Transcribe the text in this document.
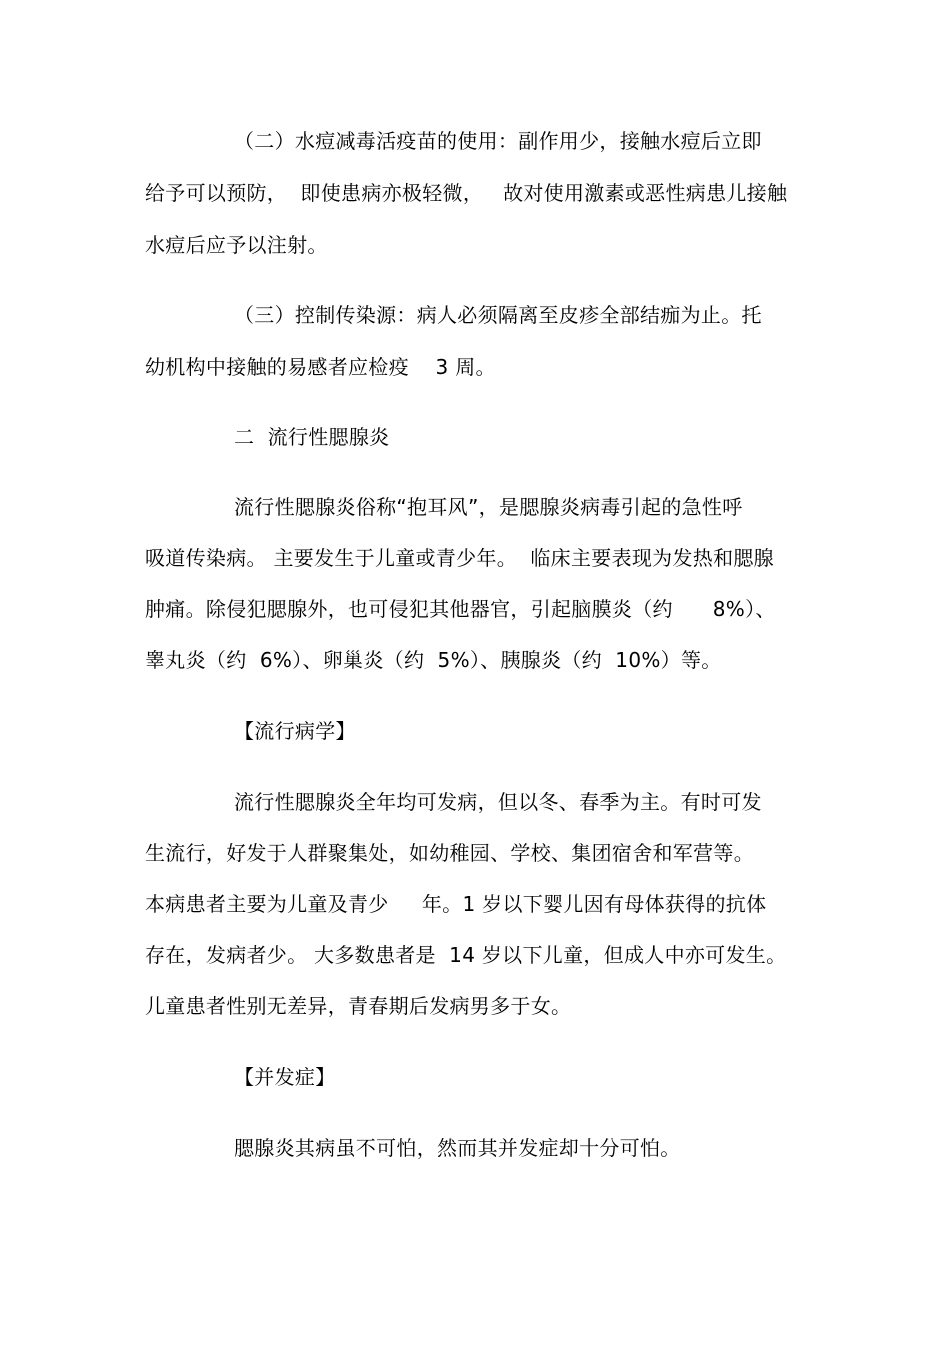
（二）水痘减毒活疫苗的使用：副作用少，接触水痘后立即
给予可以预防，  即使患病亦极轻微，   故对使用激素或恶性病患儿接触
水痘后应予以注射。
（三）控制传染源：病人必须隔离至皮疹全部结痂为止。托
幼机构中接触的易感者应检疫    3 周。
二  流行性腮腺炎
流行性腮腺炎俗称“抱耳风”，是腮腺炎病毒引起的急性呼
吸道传染病。 主要发生于儿童或青少年。  临床主要表现为发热和腮腺
肿痛。除侵犯腮腺外，也可侵犯其他器官，引起脑膜炎（约      8%）、
睾丸炎（约  6%）、卵巢炎（约  5%）、胰腺炎（约  10%）等。
【流行病学】
流行性腮腺炎全年均可发病，但以冬、春季为主。有时可发
生流行，好发于人群聚集处，如幼稚园、学校、集团宿舍和军营等。
本病患者主要为儿童及青少     年。1 岁以下婴儿因有母体获得的抗体
存在，发病者少。 大多数患者是  14 岁以下儿童，但成人中亦可发生。
儿童患者性别无差异，青春期后发病男多于女。
【并发症】
腮腺炎其病虽不可怕，然而其并发症却十分可怕。
